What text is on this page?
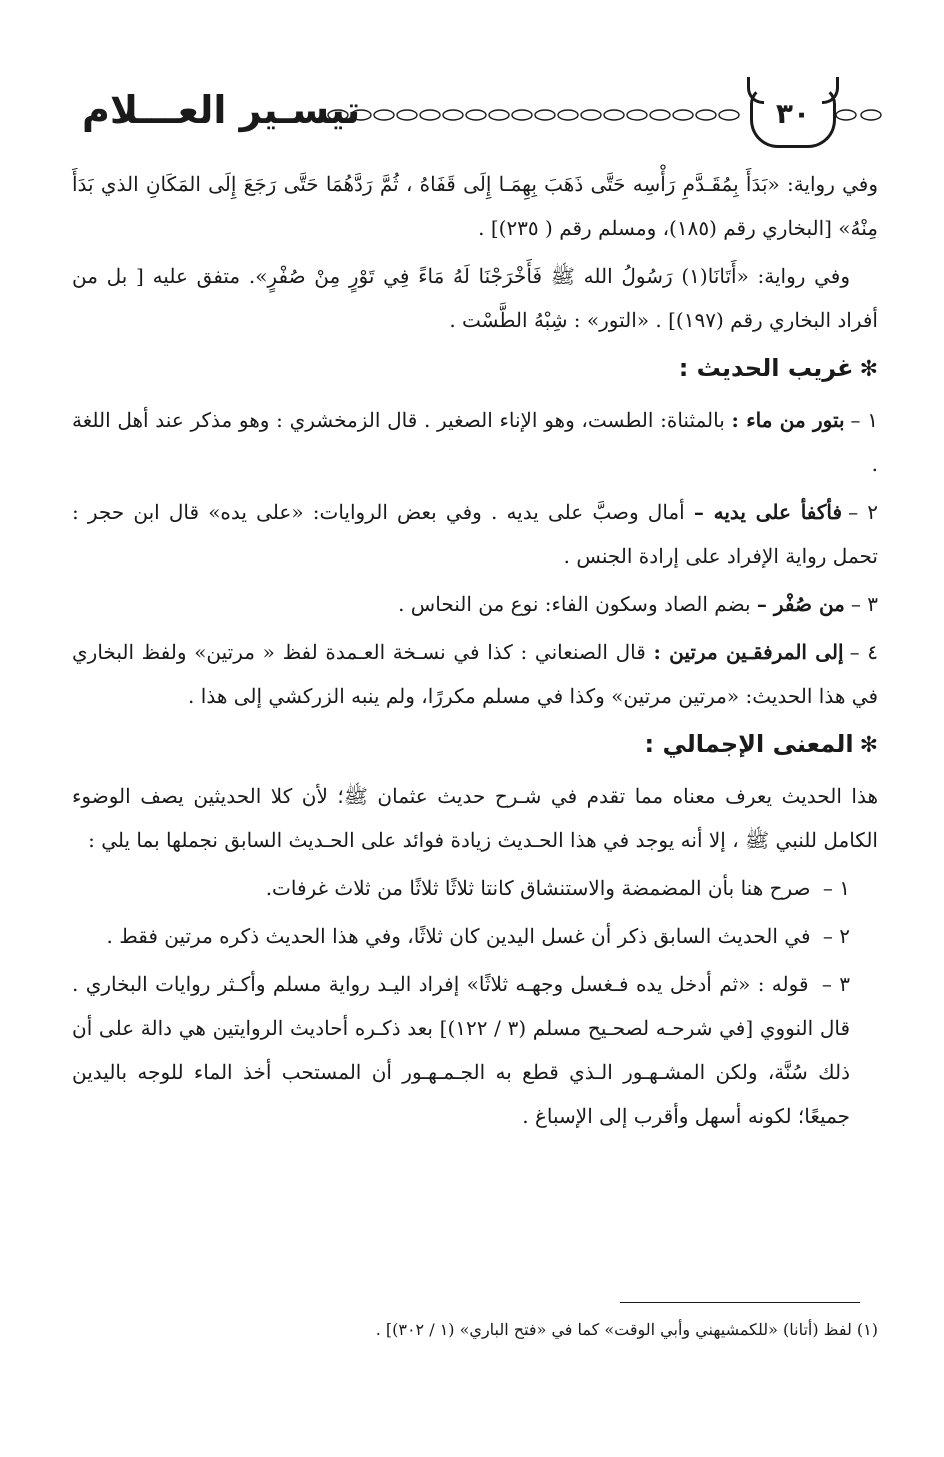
تيسـير العـــلام	٣٠

وفي رواية: «بَدَأَ بِمُقَـدَّمِ رَأْسِه حَتَّى ذَهَبَ بِهِمَـا إِلَى قَفَاهُ ، ثُمَّ رَدَّهُمَا حَتَّى رَجَعَ إِلَى المَكَانِ الذي بَدَأَ مِنْهُ» [البخاري رقم (١٨٥)، ومسلم رقم ( ٢٣٥)] .

وفي رواية: «أَتَانَا(١) رَسُولُ الله ﷺ فَأَخْرَجْنَا لَهُ مَاءً فِي تَوْرٍ مِنْ صُفْرٍ». متفق عليه [ بل من أفراد البخاري رقم (١٩٧)] . «التور» : شِبْهُ الطَّسْت .

✻غريب الحديث :

١ –بتور من ماء : بالمثناة: الطست، وهو الإناء الصغير . قال الزمخشري : وهو مذكر عند أهل اللغة .

٢ –فأكفأ على يديه – أمال وصبَّ على يديه . وفي بعض الروايات: «على يده» قال ابن حجر : تحمل رواية الإفراد على إرادة الجنس .

٣ –من صُفْر – بضم الصاد وسكون الفاء: نوع من النحاس .

٤ –إلى المرفقـين مرتين : قال الصنعاني : كذا في نسـخة العـمدة لفظ « مرتين» ولفظ البخاري في هذا الحديث: «مرتين مرتين» وكذا في مسلم مكررًا، ولم ينبه الزركشي إلى هذا .

✻المعنى الإجمالي :

هذا الحديث يعرف معناه مما تقدم في شـرح حديث عثمان ﷺ؛ لأن كلا الحديثين يصف الوضوء الكامل للنبي ﷺ ، إلا أنه يوجد في هذا الحـديث زيادة فوائد على الحـديث السابق نجملها بما يلي :

١ – صرح هنا بأن المضمضة والاستنشاق كانتا ثلاثًا ثلاثًا من ثلاث غرفات.

٢ – في الحديث السابق ذكر أن غسل اليدين كان ثلاثًا، وفي هذا الحديث ذكره مرتين فقط .

٣ – قوله : «ثم أدخل يده فـغسل وجهـه ثلاثًا» إفراد اليـد رواية مسلم وأكـثر روايات البخاري . قال النووي [في شرحـه لصحـيح مسلم (٣ / ١٢٢)] بعد ذكـره أحاديث الروايتين هي دالة على أن ذلك سُنَّة، ولكن المشـهـور الـذي قطع به الجـمـهـور أن المستحب أخذ الماء للوجه باليدين جميعًا؛ لكونه أسهل وأقرب إلى الإسباغ .

(١) لفظ (أتانا) «للكمشيهني وأبي الوقت» كما في «فتح الباري» (١ / ٣٠٢)] .
